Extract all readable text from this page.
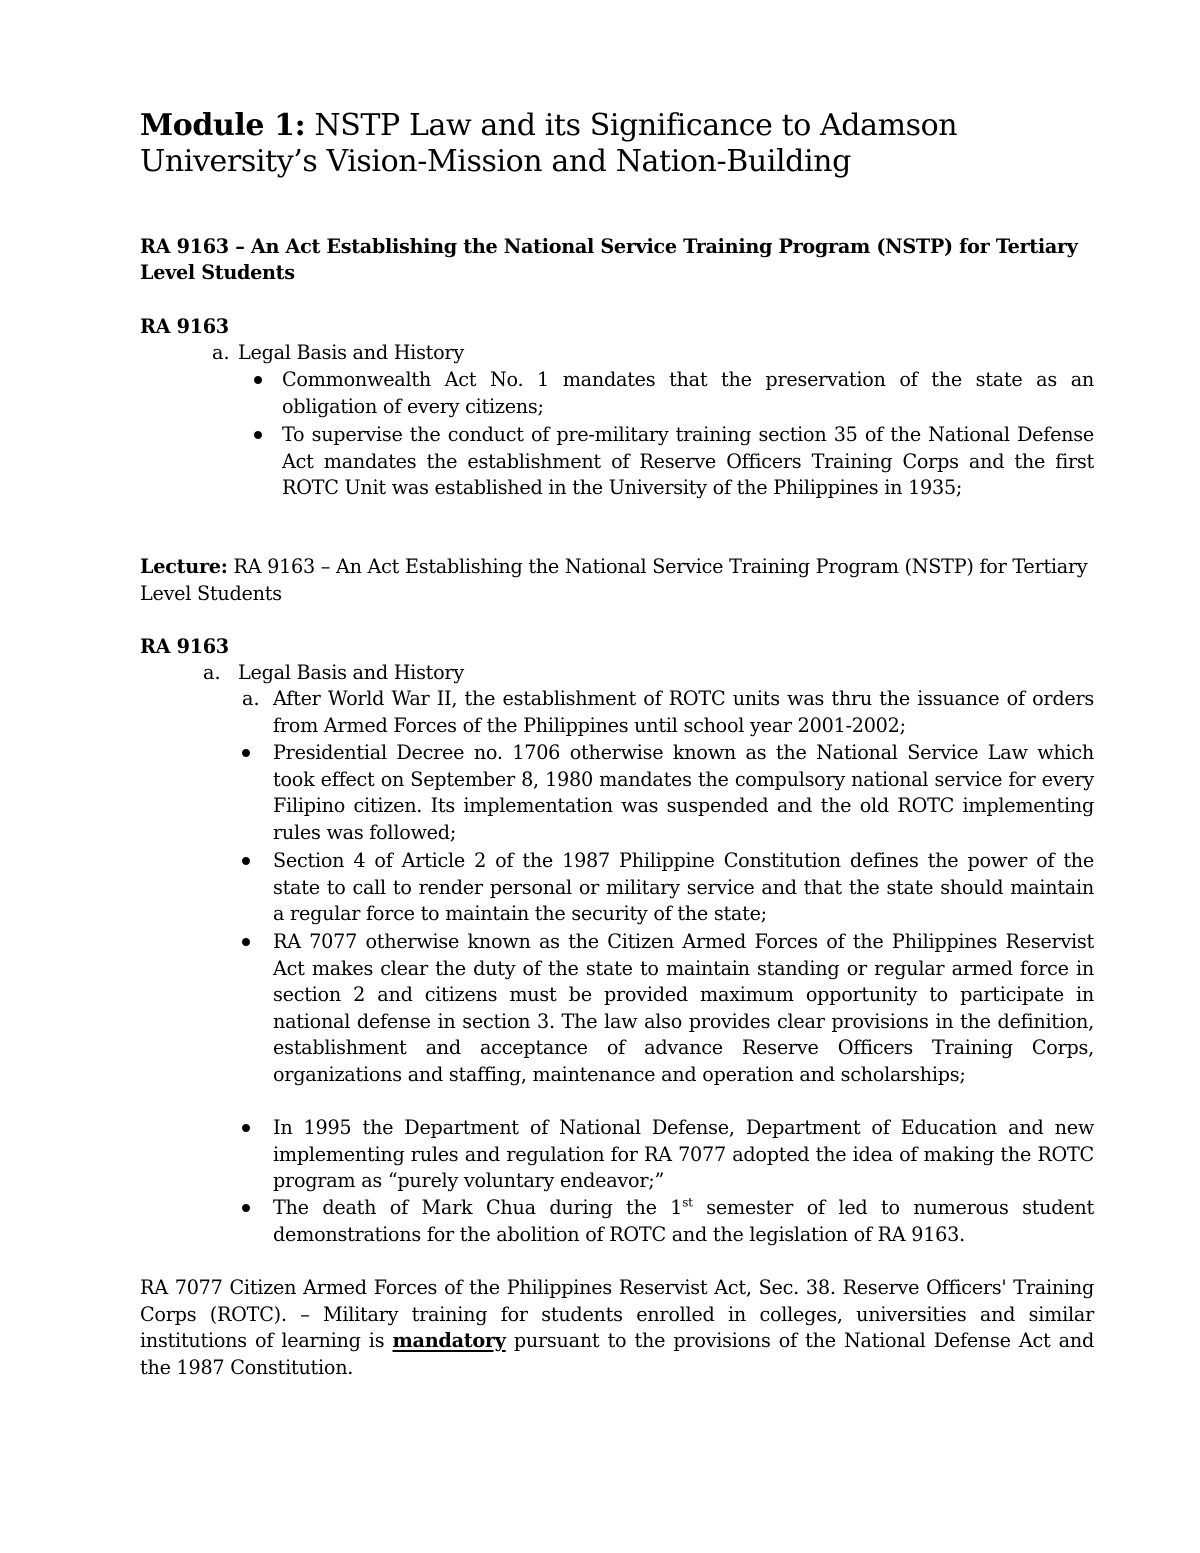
Module 1: NSTP Law and its Significance to Adamson University’s Vision-Mission and Nation-Building
RA 9163 – An Act Establishing the National Service Training Program (NSTP) for Tertiary Level Students
RA 9163
a. Legal Basis and History
Commonwealth Act No. 1 mandates that the preservation of the state as an obligation of every citizens;
To supervise the conduct of pre-military training section 35 of the National Defense Act mandates the establishment of Reserve Officers Training Corps and the first ROTC Unit was established in the University of the Philippines in 1935;
Lecture: RA 9163 – An Act Establishing the National Service Training Program (NSTP) for Tertiary Level Students
RA 9163
a. Legal Basis and History
a. After World War II, the establishment of ROTC units was thru the issuance of orders from Armed Forces of the Philippines until school year 2001-2002;
Presidential Decree no. 1706 otherwise known as the National Service Law which took effect on September 8, 1980 mandates the compulsory national service for every Filipino citizen. Its implementation was suspended and the old ROTC implementing rules was followed;
Section 4 of Article 2 of the 1987 Philippine Constitution defines the power of the state to call to render personal or military service and that the state should maintain a regular force to maintain the security of the state;
RA 7077 otherwise known as the Citizen Armed Forces of the Philippines Reservist Act makes clear the duty of the state to maintain standing or regular armed force in section 2 and citizens must be provided maximum opportunity to participate in national defense in section 3. The law also provides clear provisions in the definition, establishment and acceptance of advance Reserve Officers Training Corps, organizations and staffing, maintenance and operation and scholarships;
In 1995 the Department of National Defense, Department of Education and new implementing rules and regulation for RA 7077 adopted the idea of making the ROTC program as “purely voluntary endeavor;”
The death of Mark Chua during the 1st semester of led to numerous student demonstrations for the abolition of ROTC and the legislation of RA 9163.
RA 7077 Citizen Armed Forces of the Philippines Reservist Act, Sec. 38. Reserve Officers' Training Corps (ROTC). – Military training for students enrolled in colleges, universities and similar institutions of learning is mandatory pursuant to the provisions of the National Defense Act and the 1987 Constitution.
